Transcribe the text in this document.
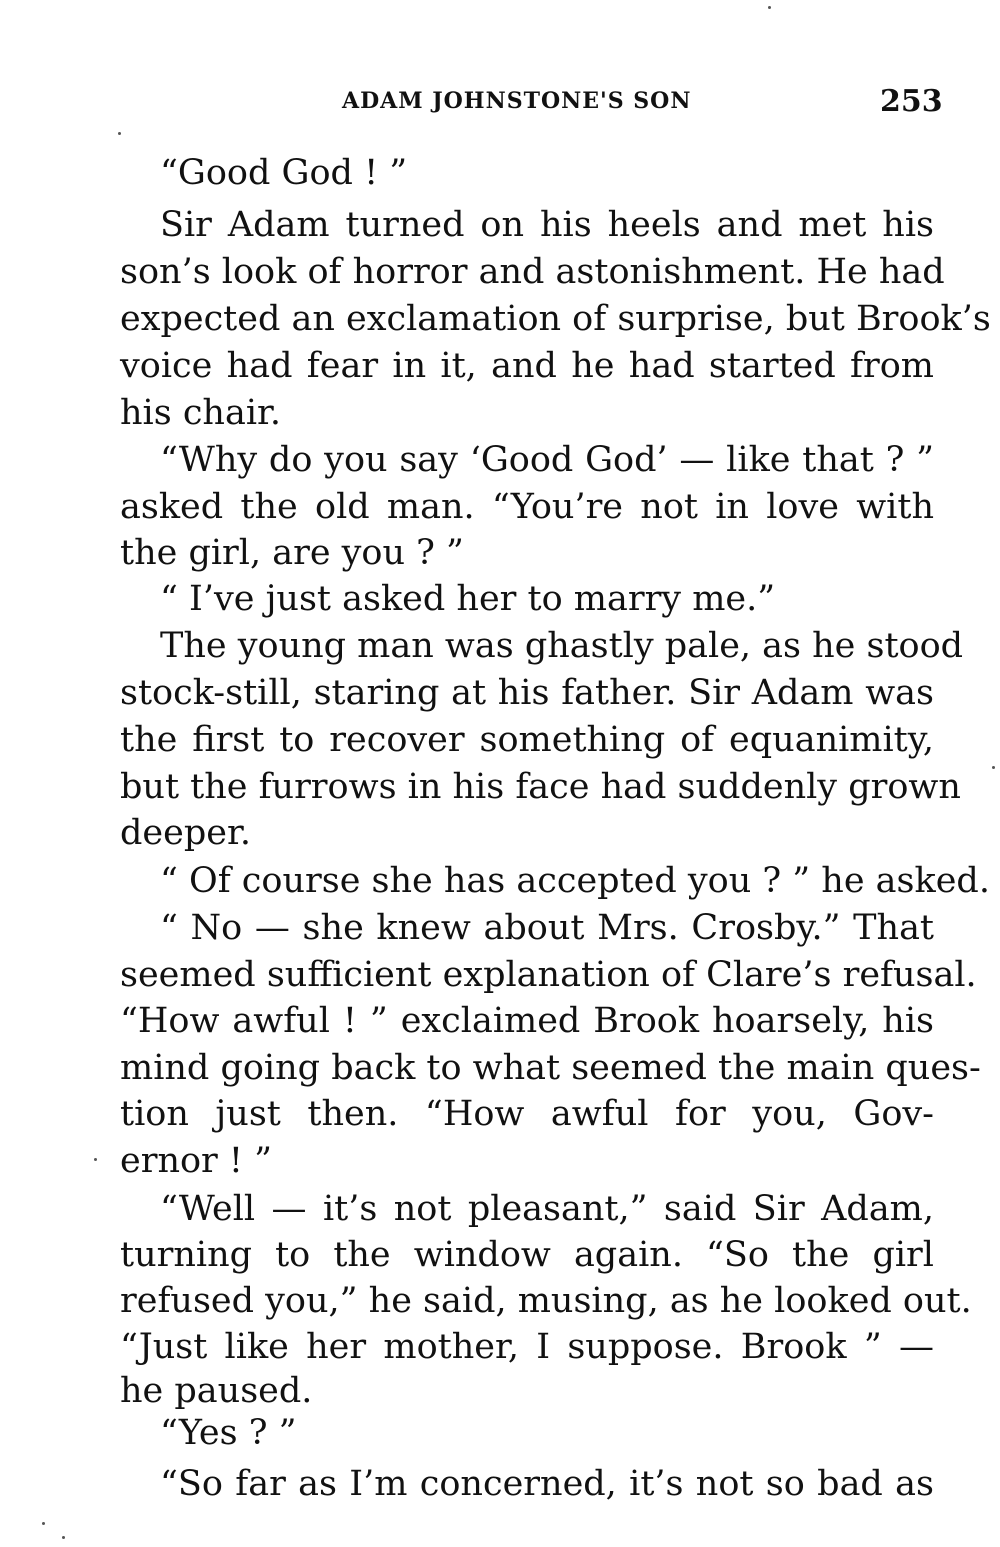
ADAM JOHNSTONE'S SON	253
“Good God ! ”
Sir Adam turned on his heels and met his
son’s look of horror and astonishment. He had
expected an exclamation of surprise, but Brook’s
voice had fear in it, and he had started from
his chair.
“Why do you say ‘Good God’ — like that ? ”
asked the old man. “You’re not in love with
the girl, are you ? ”
“ I’ve just asked her to marry me.”
The young man was ghastly pale, as he stood
stock-still, staring at his father. Sir Adam was
the first to recover something of equanimity,
but the furrows in his face had suddenly grown
deeper.
“ Of course she has accepted you ? ” he asked.
“ No — she knew about Mrs. Crosby.” That
seemed sufficient explanation of Clare’s refusal.
“How awful ! ” exclaimed Brook hoarsely, his
mind going back to what seemed the main ques-
tion just then. “How awful for you, Gov-
ernor ! ”
“Well — it’s not pleasant,” said Sir Adam,
turning to the window again. “So the girl
refused you,” he said, musing, as he looked out.
“Just like her mother, I suppose. Brook ” —
he paused.
“Yes ? ”
“So far as I’m concerned, it’s not so bad as
